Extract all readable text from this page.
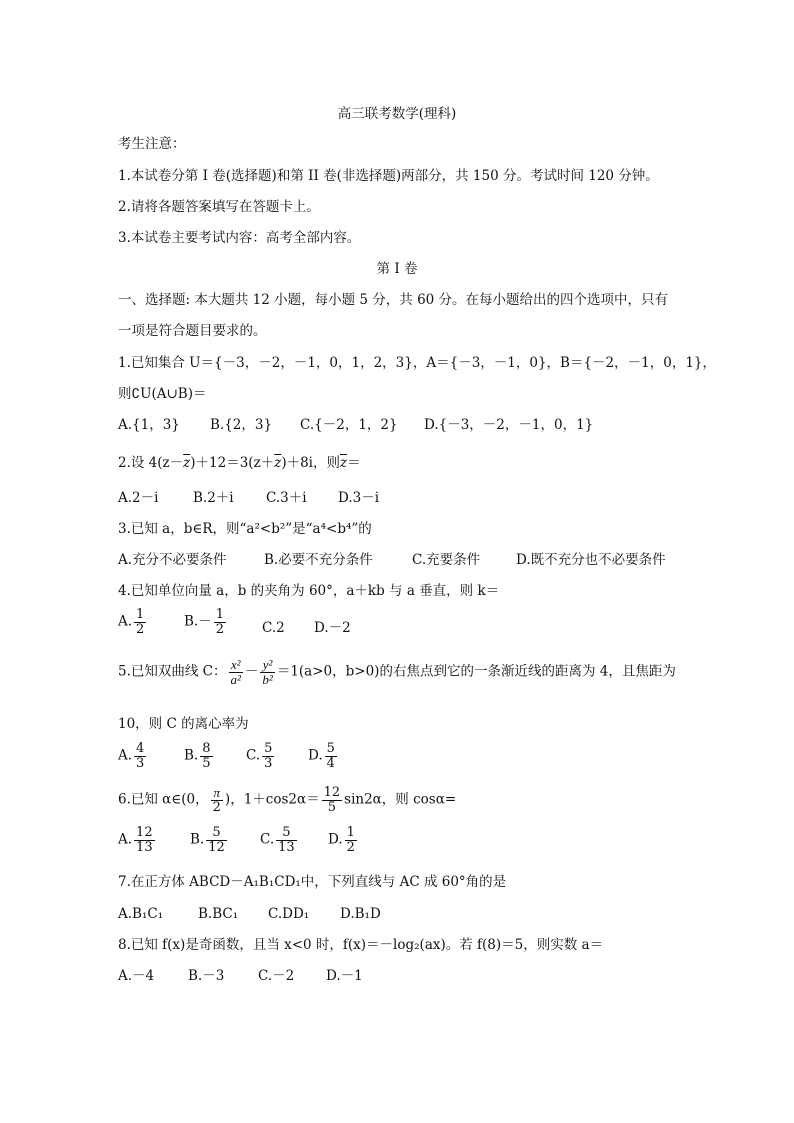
高三联考数学(理科)
考生注意：
1.本试卷分第 I 卷(选择题)和第 II 卷(非选择题)两部分，共 150 分。考试时间 120 分钟。
2.请将各题答案填写在答题卡上。
3.本试卷主要考试内容：高考全部内容。
第 I 卷
一、选择题: 本大题共 12 小题，每小题 5 分，共 60 分。在每小题给出的四个选项中，只有
一项是符合题目要求的。
1.已知集合 U＝{－3，－2，－1，0，1，2，3}，A＝{－3，－1，0}，B＝{－2，－1，0，1}，
则∁U(A∪B)＝
A.{1，3} B.{2，3} C.{－2，1，2} D.{－3，－2，－1，0，1}
2.设 $4(z-\overline{z})+12=3(z+\overline{z})+8i$，则$\overline{z}=$
A.2－i	B.2＋i C.3＋i D.3－i
3.已知 a，b∈R，则“a²<b²”是“a⁴<b⁴”的
A.充分不必要条件	B.必要不充分条件	C.充要条件	D.既不充分也不必要条件
4.已知单位向量 a，b 的夹角为 60°，a＋kb 与 a 垂直，则 k＝
A. $\frac{1}{2}$	$B.- \frac{1}{2}$	C.2 D.－2
5.已知双曲线 C： $\frac{\text{x²}}{\text{a²}} - \frac{\text{y²}}{\text{b²}} =1(a>0$，b>0)的右焦点到它的一条渐近线的距离为 4，且焦距为
10，则 C 的离心率为
A. $\frac{4}{3}$	B. $\frac{8}{5} C$. $\frac{5}{3} D$. $\frac{5}{4}$
6.已知 α∈(0， $\frac{\pi}{2}$ )，$1+\cos 2\alpha= \frac{12}{5} \sin 2\alpha$，则 cosα=
A. $\frac{12}{13}$	B. $\frac{5}{12} C$. $\frac{5}{13} D$. $\frac{1}{2}$
7.在正方体 ABCD－A₁B₁CD₁中，下列直线与 AC 成 60°角的是
A.B₁C₁	B.BC₁ C.DD₁ D.B₁D
8.已知 f(x)是奇函数，且当 x<0 时，f(x)＝－log₂(ax)。若 f(8)＝5，则实数 a＝
A.－4	B.－3 C.－2 D.－1
